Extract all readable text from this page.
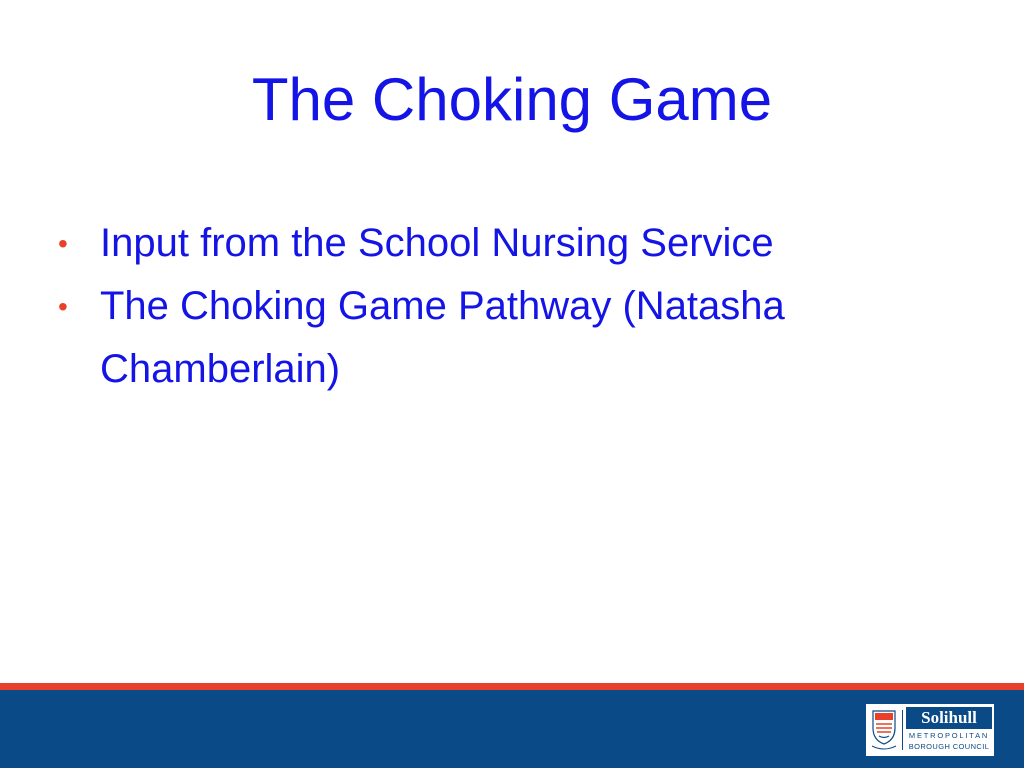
The Choking Game
• Input from the School Nursing Service
• The Choking Game Pathway (Natasha Chamberlain)
Solihull
METROPOLITAN
BOROUGH COUNCIL
